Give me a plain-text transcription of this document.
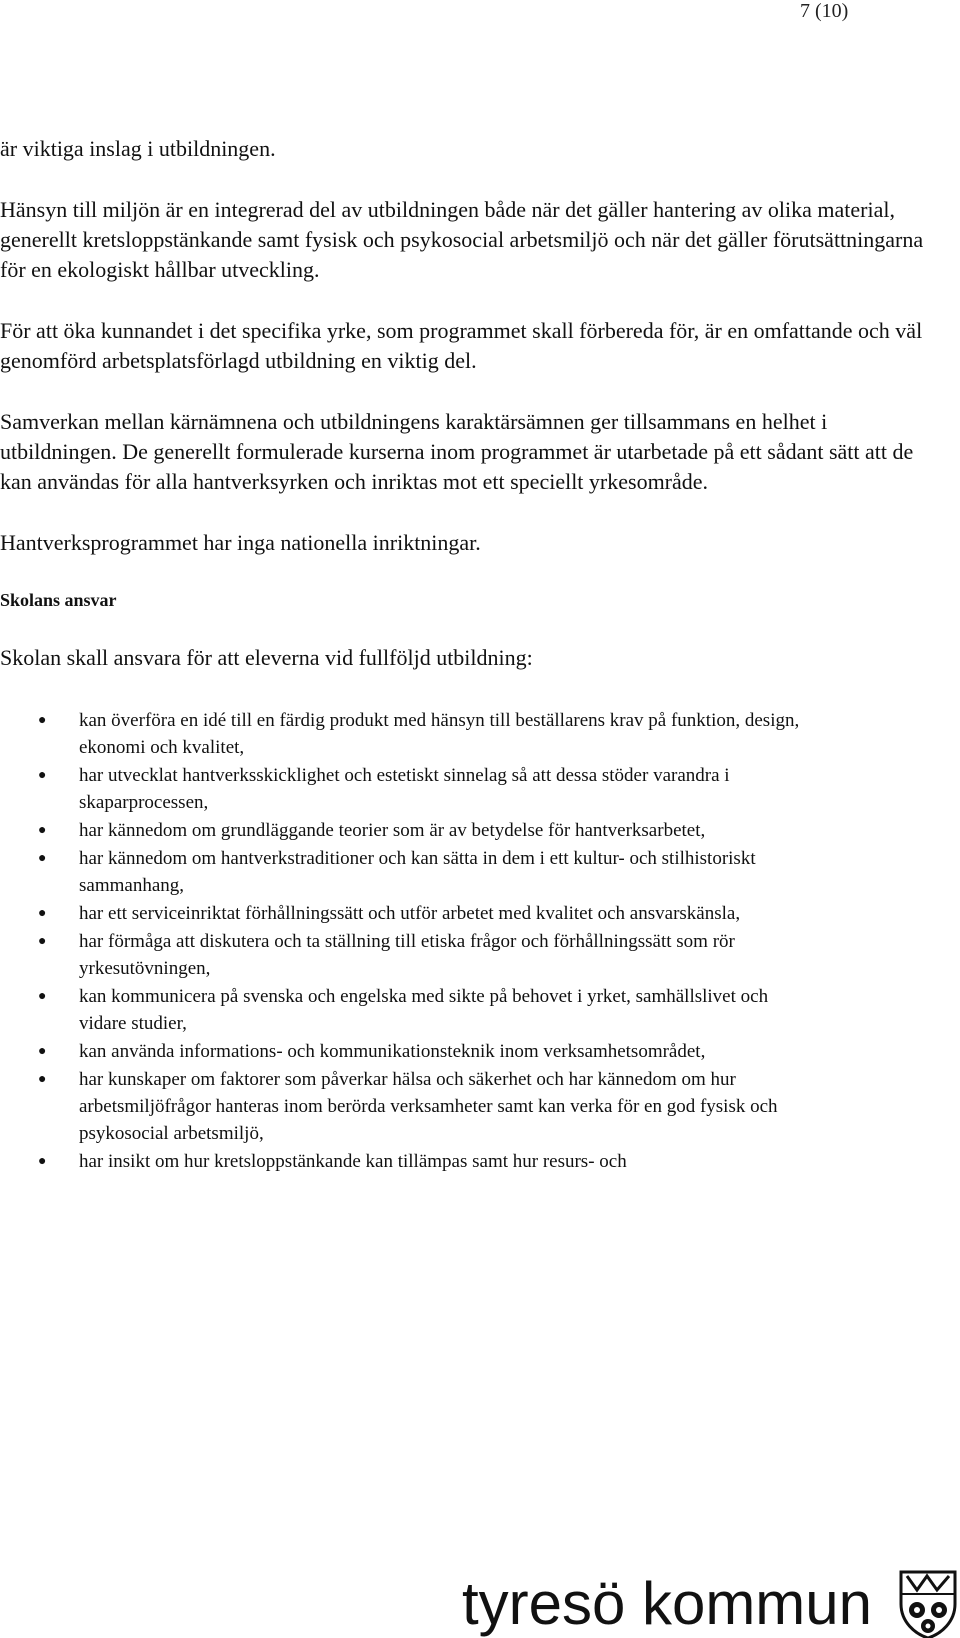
7 (10)

är viktiga inslag i utbildningen.

Hänsyn till miljön är en integrerad del av utbildningen både när det gäller hantering av olika material, generellt kretsloppstänkande samt fysisk och psykosocial arbetsmiljö och när det gäller förutsättningarna för en ekologiskt hållbar utveckling.

För att öka kunnandet i det specifika yrke, som programmet skall förbereda för, är en omfattande och väl genomförd arbetsplatsförlagd utbildning en viktig del.

Samverkan mellan kärnämnena och utbildningens karaktärsämnen ger tillsammans en helhet i utbildningen. De generellt formulerade kurserna inom programmet är utarbetade på ett sådant sätt att de kan användas för alla hantverksyrken och inriktas mot ett speciellt yrkesområde.

Hantverksprogrammet har inga nationella inriktningar.

Skolans ansvar
Skolan skall ansvara för att eleverna vid fullföljd utbildning:
● kan överföra en idé till en färdig produkt med hänsyn till beställarens krav på funktion, design, ekonomi och kvalitet,
● har utvecklat hantverksskicklighet och estetiskt sinnelag så att dessa stöder varandra i skaparprocessen,
● har kännedom om grundläggande teorier som är av betydelse för hantverksarbetet,
● har kännedom om hantverkstraditioner och kan sätta in dem i ett kultur- och stilhistoriskt sammanhang,
● har ett serviceinriktat förhållningssätt och utför arbetet med kvalitet och ansvarskänsla,
● har förmåga att diskutera och ta ställning till etiska frågor och förhållningssätt som rör yrkesutövningen,
● kan kommunicera på svenska och engelska med sikte på behovet i yrket, samhällslivet och vidare studier,
● kan använda informations- och kommunikationsteknik inom verksamhetsområdet,
● har kunskaper om faktorer som påverkar hälsa och säkerhet och har kännedom om hur arbetsmiljöfrågor hanteras inom berörda verksamheter samt kan verka för en god fysisk och psykosocial arbetsmiljö,
● har insikt om hur kretsloppstänkande kan tillämpas samt hur resurs- och
tyresö kommun
